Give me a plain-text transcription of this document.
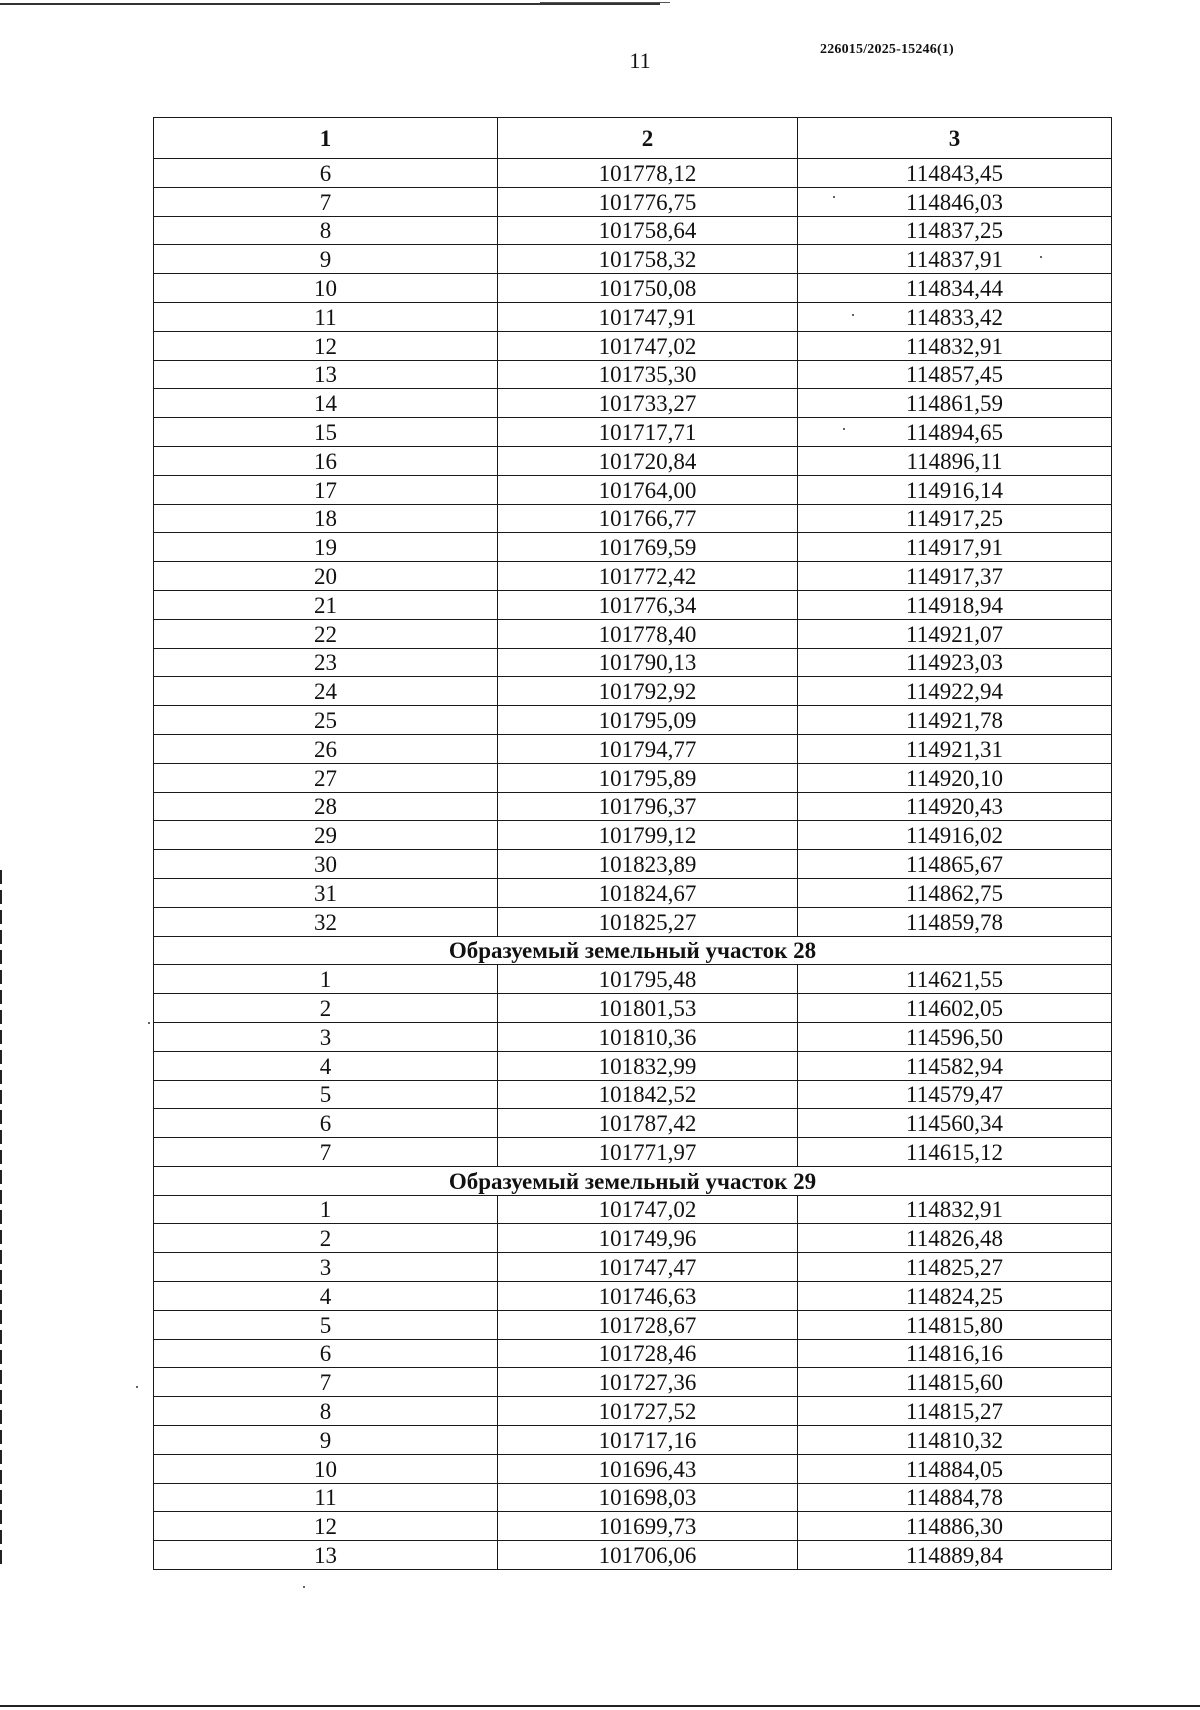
11	226015/2025-15246(1)
1	2	3
6	101778,12	114843,45
7	101776,75	114846,03
8	101758,64	114837,25
9	101758,32	114837,91
10	101750,08	114834,44
11	101747,91	114833,42
12	101747,02	114832,91
13	101735,30	114857,45
14	101733,27	114861,59
15	101717,71	114894,65
16	101720,84	114896,11
17	101764,00	114916,14
18	101766,77	114917,25
19	101769,59	114917,91
20	101772,42	114917,37
21	101776,34	114918,94
22	101778,40	114921,07
23	101790,13	114923,03
24	101792,92	114922,94
25	101795,09	114921,78
26	101794,77	114921,31
27	101795,89	114920,10
28	101796,37	114920,43
29	101799,12	114916,02
30	101823,89	114865,67
31	101824,67	114862,75
32	101825,27	114859,78
Образуемый земельный участок 28		
1	101795,48	114621,55
2	101801,53	114602,05
3	101810,36	114596,50
4	101832,99	114582,94
5	101842,52	114579,47
6	101787,42	114560,34
7	101771,97	114615,12
Образуемый земельный участок 29		
1	101747,02	114832,91
2	101749,96	114826,48
3	101747,47	114825,27
4	101746,63	114824,25
5	101728,67	114815,80
6	101728,46	114816,16
7	101727,36	114815,60
8	101727,52	114815,27
9	101717,16	114810,32
10	101696,43	114884,05
11	101698,03	114884,78
12	101699,73	114886,30
13	101706,06	114889,84
